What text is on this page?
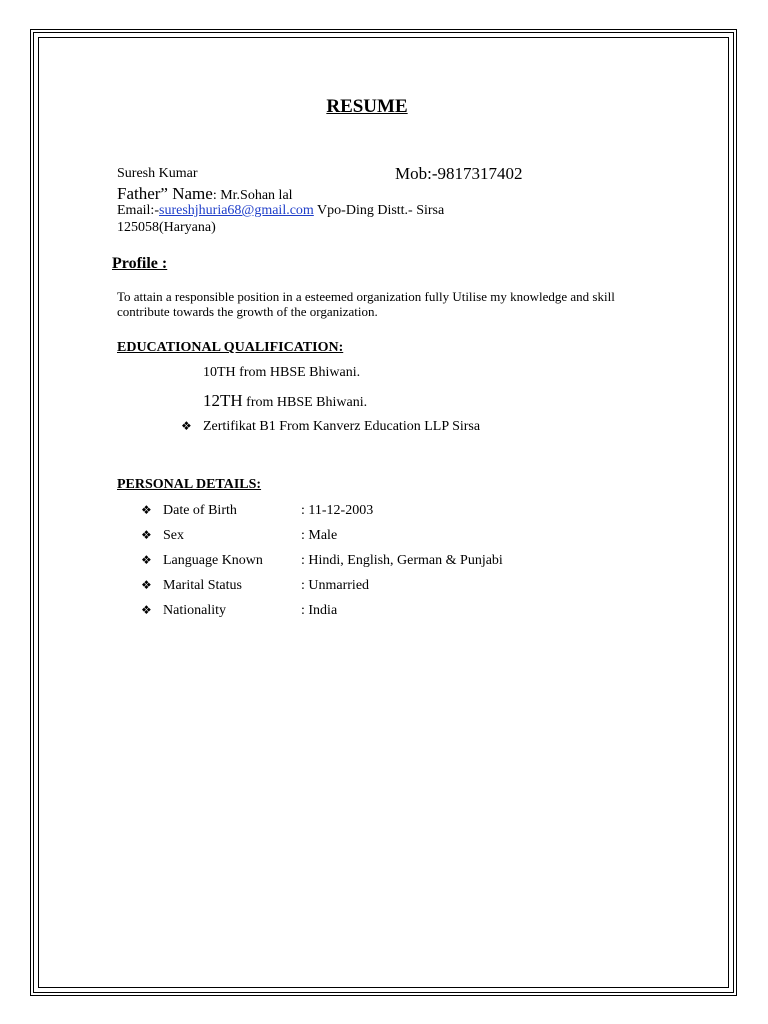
RESUME
Suresh Kumar	Mob:-9817317402
Father” Name: Mr.Sohan lal
Email:-sureshjhuria68@gmail.com Vpo-Ding Distt.- Sirsa
125058(Haryana)
Profile :
To attain a responsible position in a esteemed organization fully Utilise my knowledge and skill contribute towards the growth of the organization.
EDUCATIONAL QUALIFICATION:
10TH from HBSE Bhiwani.
12TH from HBSE Bhiwani.
❖ Zertifikat B1 From Kanverz Education LLP Sirsa
PERSONAL DETAILS:
❖ Date of Birth	: 11-12-2003
❖ Sex	: Male
❖ Language Known	: Hindi, English, German & Punjabi
❖ Marital Status	: Unmarried
❖ Nationality	: India
